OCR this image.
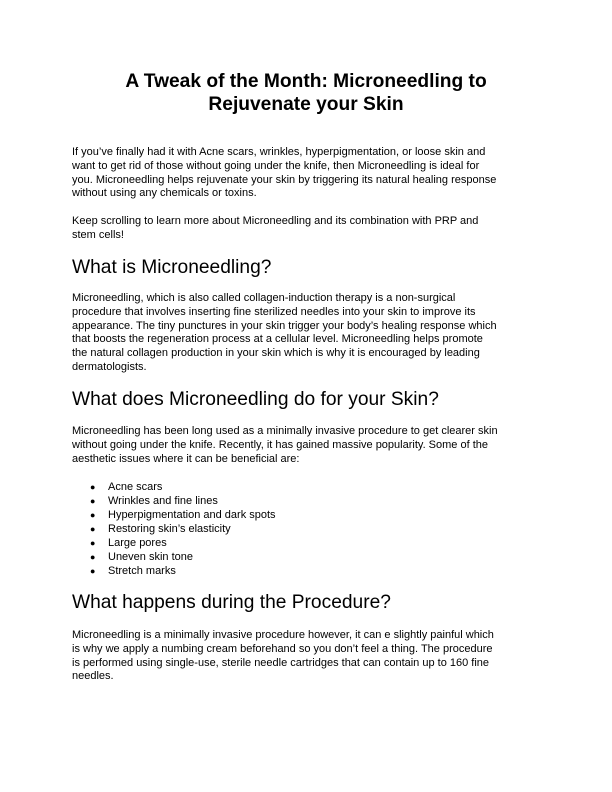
A Tweak of the Month: Microneedling to
Rejuvenate your Skin

If you’ve finally had it with Acne scars, wrinkles, hyperpigmentation, or loose skin and
want to get rid of those without going under the knife, then Microneedling is ideal for
you. Microneedling helps rejuvenate your skin by triggering its natural healing response
without using any chemicals or toxins.

Keep scrolling to learn more about Microneedling and its combination with PRP and
stem cells!

What is Microneedling?

Microneedling, which is also called collagen-induction therapy is a non-surgical
procedure that involves inserting fine sterilized needles into your skin to improve its
appearance. The tiny punctures in your skin trigger your body’s healing response which
that boosts the regeneration process at a cellular level. Microneedling helps promote
the natural collagen production in your skin which is why it is encouraged by leading
dermatologists.

What does Microneedling do for your Skin?

Microneedling has been long used as a minimally invasive procedure to get clearer skin
without going under the knife. Recently, it has gained massive popularity. Some of the
aesthetic issues where it can be beneficial are:

● Acne scars
● Wrinkles and fine lines
● Hyperpigmentation and dark spots
● Restoring skin’s elasticity
● Large pores
● Uneven skin tone
● Stretch marks
What happens during the Procedure?

Microneedling is a minimally invasive procedure however, it can e slightly painful which
is why we apply a numbing cream beforehand so you don’t feel a thing. The procedure
is performed using single-use, sterile needle cartridges that can contain up to 160 fine
needles.
